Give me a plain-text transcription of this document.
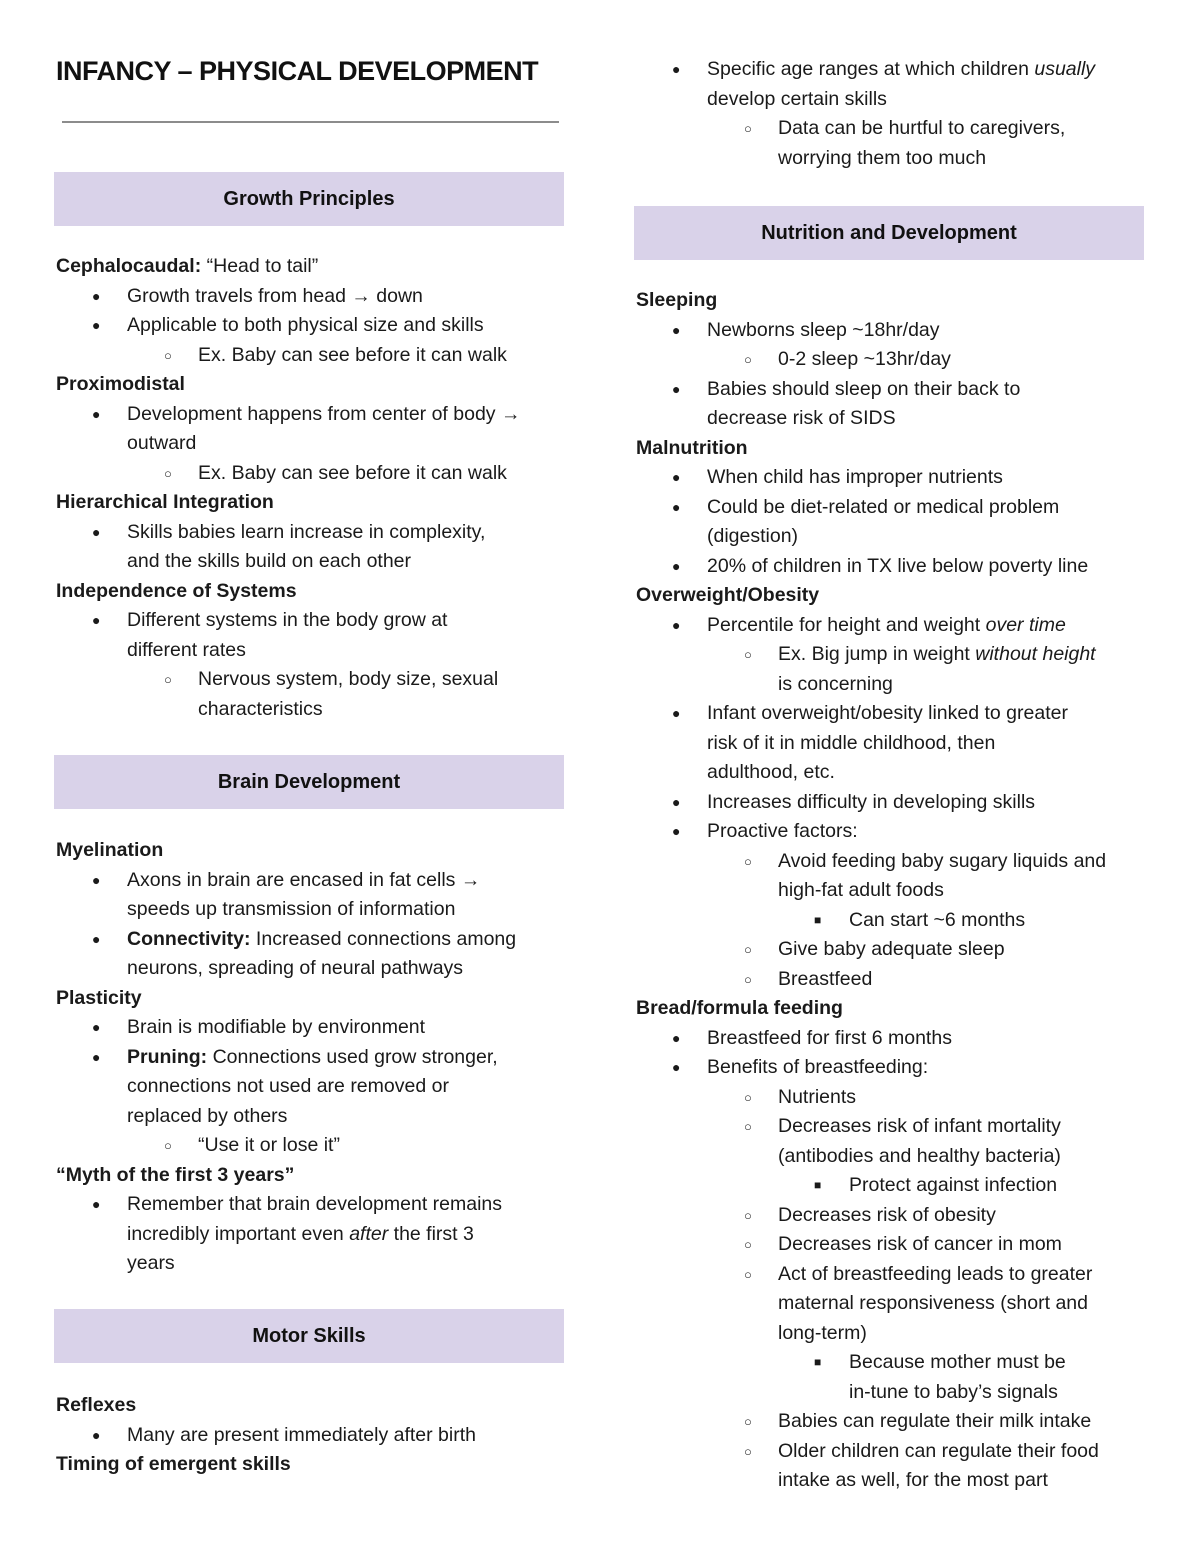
INFANCY – PHYSICAL DEVELOPMENT
Growth Principles
Cephalocaudal: “Head to tail”
● Growth travels from head → down
● Applicable to both physical size and skills
○ Ex. Baby can see before it can walk
Proximodistal
● Development happens from center of body →
outward
○ Ex. Baby can see before it can walk
Hierarchical Integration
● Skills babies learn increase in complexity,
and the skills build on each other
Independence of Systems
● Different systems in the body grow at
different rates
○ Nervous system, body size, sexual
characteristics
Brain Development
Myelination
● Axons in brain are encased in fat cells →
speeds up transmission of information
● Connectivity: Increased connections among
neurons, spreading of neural pathways
Plasticity
● Brain is modifiable by environment
● Pruning: Connections used grow stronger,
connections not used are removed or
replaced by others
○ “Use it or lose it”
“Myth of the first 3 years”
● Remember that brain development remains
incredibly important even after the first 3
years
Motor Skills
Reflexes
● Many are present immediately after birth
Timing of emergent skills
● Specific age ranges at which children usually
develop certain skills
○ Data can be hurtful to caregivers,
worrying them too much
Nutrition and Development
Sleeping
● Newborns sleep ~18hr/day
○ 0-2 sleep ~13hr/day
● Babies should sleep on their back to
decrease risk of SIDS
Malnutrition
● When child has improper nutrients
● Could be diet-related or medical problem
(digestion)
● 20% of children in TX live below poverty line
Overweight/Obesity
● Percentile for height and weight over time
○ Ex. Big jump in weight without height
is concerning
● Infant overweight/obesity linked to greater
risk of it in middle childhood, then
adulthood, etc.
● Increases difficulty in developing skills
● Proactive factors:
○ Avoid feeding baby sugary liquids and
high-fat adult foods
■ Can start ~6 months
○ Give baby adequate sleep
○ Breastfeed
Bread/formula feeding
● Breastfeed for first 6 months
● Benefits of breastfeeding:
○ Nutrients
○ Decreases risk of infant mortality
(antibodies and healthy bacteria)
■ Protect against infection
○ Decreases risk of obesity
○ Decreases risk of cancer in mom
○ Act of breastfeeding leads to greater
maternal responsiveness (short and
long-term)
■ Because mother must be
in-tune to baby’s signals
○ Babies can regulate their milk intake
○ Older children can regulate their food
intake as well, for the most part
